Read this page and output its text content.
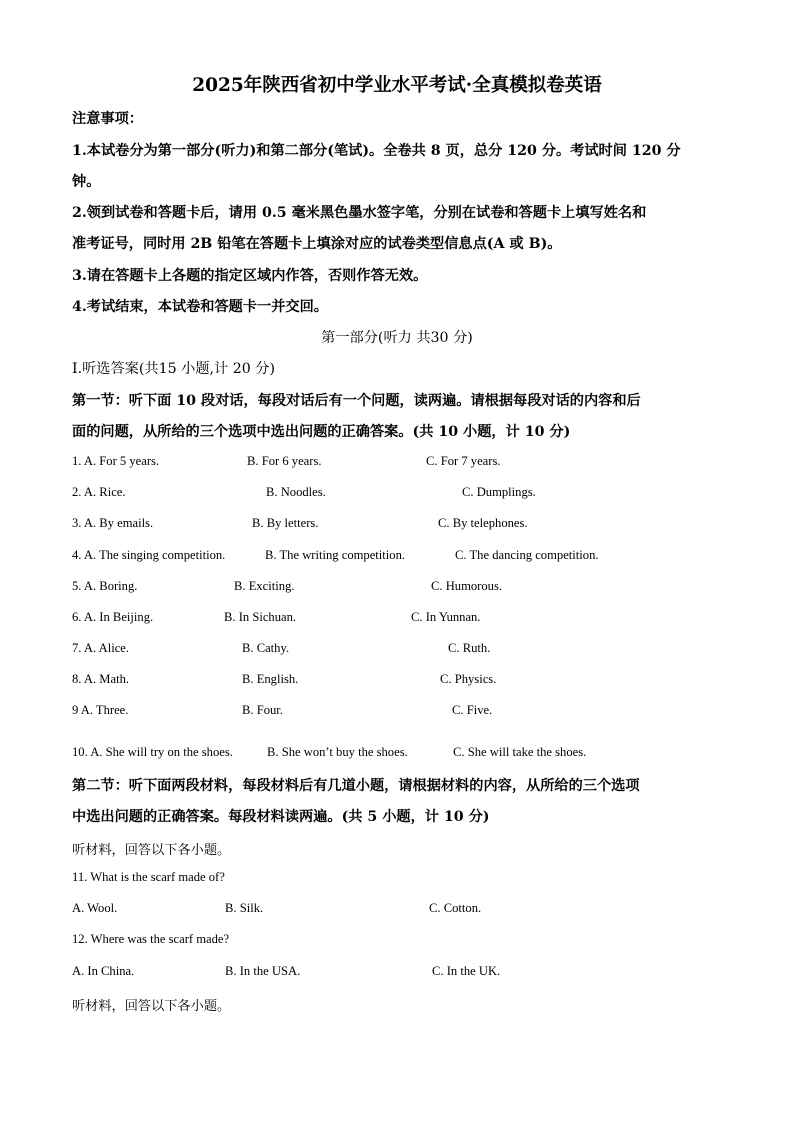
2025年陕西省初中学业水平考试·全真模拟卷英语
注意事项：
1.本试卷分为第一部分(听力)和第二部分(笔试)。全卷共 8 页，总分 120 分。考试时间 120 分
钟。
2.领到试卷和答题卡后，请用 0.5 毫米黑色墨水签字笔，分别在试卷和答题卡上填写姓名和
准考证号，同时用 2B 铅笔在答题卡上填涂对应的试卷类型信息点(A 或 B)。
3.请在答题卡上各题的指定区域内作答，否则作答无效。
4.考试结束，本试卷和答题卡一并交回。
第一部分(听力 共30 分)
Ⅰ.听选答案(共15 小题,计 20 分)
第一节：听下面 10 段对话，每段对话后有一个问题，读两遍。请根据每段对话的内容和后
面的问题，从所给的三个选项中选出问题的正确答案。(共 10 小题，计 10 分)
1. A. For 5 years.	B. For 6 years.	C. For 7 years.
2. A. Rice.	B. Noodles.	C. Dumplings.
3. A. By emails.	B. By letters.	C. By telephones.
4. A. The singing competition.	B. The writing competition.	C. The dancing competition.
5. A. Boring.	B. Exciting.	C. Humorous.
6. A. In Beijing.	B. In Sichuan.	C. In Yunnan.
7. A. Alice.	B. Cathy.	C. Ruth.
8. A. Math.	B. English.	C. Physics.
9 A. Three.	B. Four.	C. Five.
10. A. She will try on the shoes.	B. She won’t buy the shoes.	C. She will take the shoes.
第二节：听下面两段材料，每段材料后有几道小题，请根据材料的内容，从所给的三个选项
中选出问题的正确答案。每段材料读两遍。(共 5 小题，计 10 分)
听材料，回答以下各小题。
11. What is the scarf made of?
A. Wool.	B. Silk.	C. Cotton.
12. Where was the scarf made?
A. In China.	B. In the USA.	C. In the UK.
听材料，回答以下各小题。
